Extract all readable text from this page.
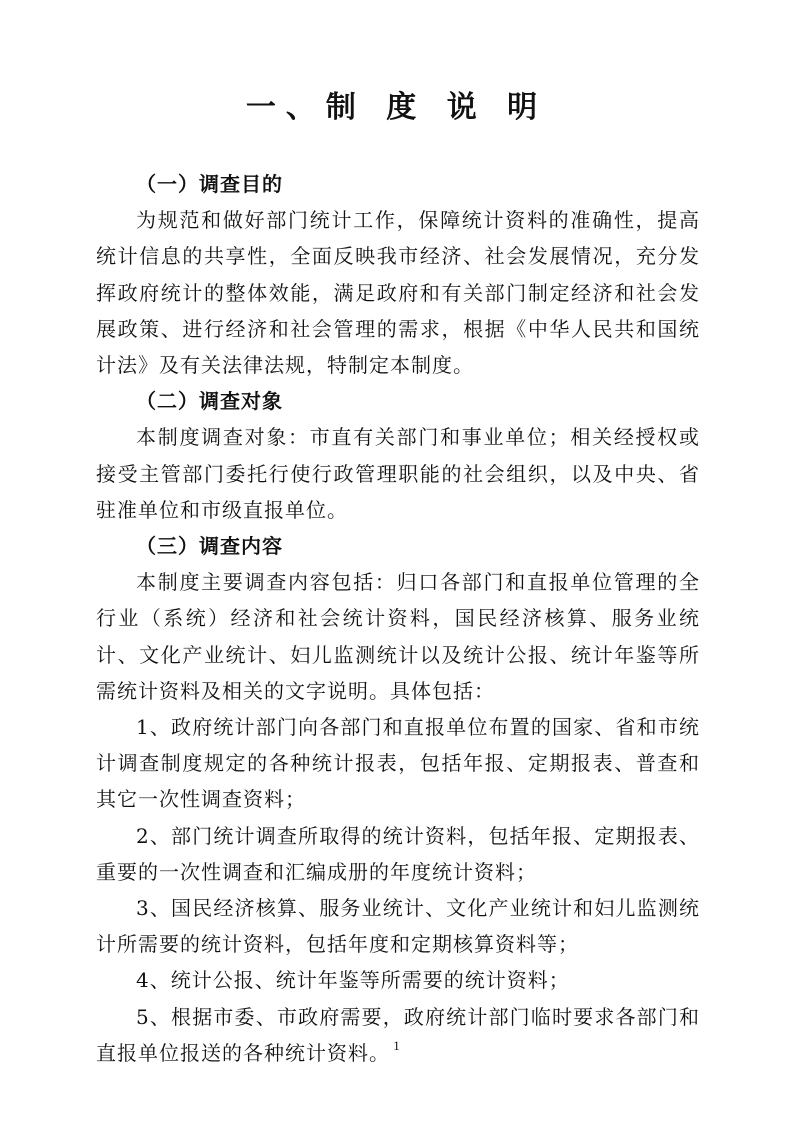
一、制 度 说 明

（一）调查目的

为规范和做好部门统计工作，保障统计资料的准确性，提高统计信息的共享性，全面反映我市经济、社会发展情况，充分发挥政府统计的整体效能，满足政府和有关部门制定经济和社会发展政策、进行经济和社会管理的需求，根据《中华人民共和国统计法》及有关法律法规，特制定本制度。

（二）调查对象

本制度调查对象：市直有关部门和事业单位；相关经授权或接受主管部门委托行使行政管理职能的社会组织，以及中央、省驻准单位和市级直报单位。

（三）调查内容

本制度主要调查内容包括：归口各部门和直报单位管理的全行业（系统）经济和社会统计资料，国民经济核算、服务业统计、文化产业统计、妇儿监测统计以及统计公报、统计年鉴等所需统计资料及相关的文字说明。具体包括：

1、政府统计部门向各部门和直报单位布置的国家、省和市统计调查制度规定的各种统计报表，包括年报、定期报表、普查和其它一次性调查资料；

2、部门统计调查所取得的统计资料，包括年报、定期报表、重要的一次性调查和汇编成册的年度统计资料；

3、国民经济核算、服务业统计、文化产业统计和妇儿监测统计所需要的统计资料，包括年度和定期核算资料等；

4、统计公报、统计年鉴等所需要的统计资料；

5、根据市委、市政府需要，政府统计部门临时要求各部门和直报单位报送的各种统计资料。 1
